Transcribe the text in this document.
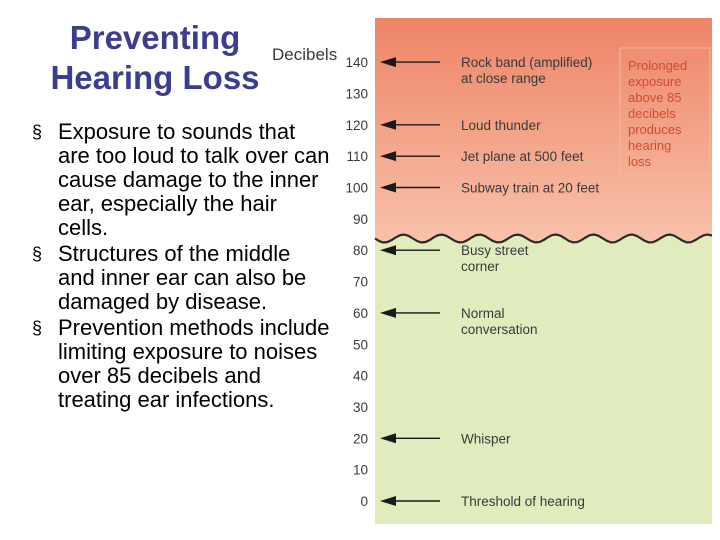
Preventing
Hearing Loss
§ Exposure to sounds that are too loud to talk over can cause damage to the inner ear, especially the hair cells.
§ Structures of the middle and inner ear can also be damaged by disease.
§ Prevention methods include limiting exposure to noises over 85 decibels and treating ear infections.
140
130
120
110
100
90
80
70
60
50
40
30
20
10
0
Rock band (amplified)
at close range
Loud thunder
Jet plane at 500 feet
Subway train at 20 feet
Busy street
corner
Normal
conversation
Whisper
Threshold of hearing
Prolonged
exposure
above 85
decibels
produces
hearing
loss
Decibels
